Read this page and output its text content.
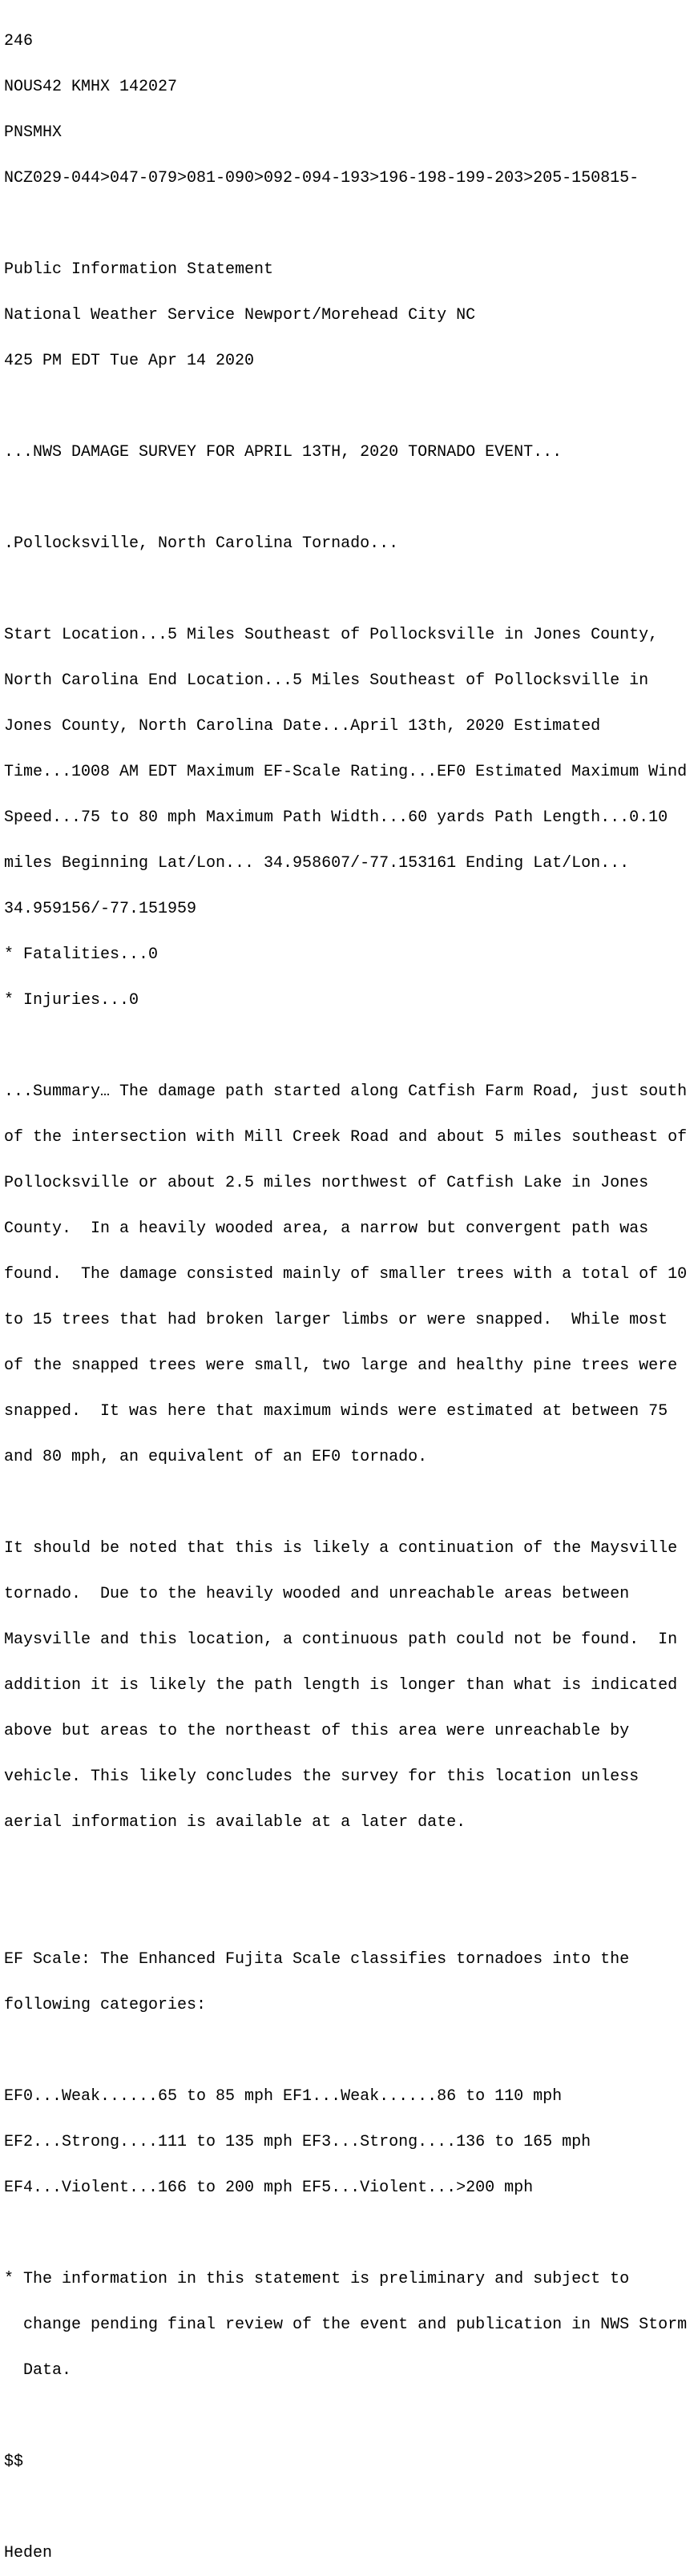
246

NOUS42 KMHX 142027

PNSMHX

NCZ029-044>047-079>081-090>092-094-193>196-198-199-203>205-150815-

Public Information Statement

National Weather Service Newport/Morehead City NC

425 PM EDT Tue Apr 14 2020

...NWS DAMAGE SURVEY FOR APRIL 13TH, 2020 TORNADO EVENT...

.Pollocksville, North Carolina Tornado...

Start Location...5 Miles Southeast of Pollocksville in Jones County,

North Carolina End Location...5 Miles Southeast of Pollocksville in

Jones County, North Carolina Date...April 13th, 2020 Estimated

Time...1008 AM EDT Maximum EF-Scale Rating...EF0 Estimated Maximum Wind

Speed...75 to 80 mph Maximum Path Width...60 yards Path Length...0.10

miles Beginning Lat/Lon... 34.958607/-77.153161 Ending Lat/Lon...

34.959156/-77.151959

* Fatalities...0

* Injuries...0

...Summary… The damage path started along Catfish Farm Road, just south

of the intersection with Mill Creek Road and about 5 miles southeast of

Pollocksville or about 2.5 miles northwest of Catfish Lake in Jones

County.  In a heavily wooded area, a narrow but convergent path was

found.  The damage consisted mainly of smaller trees with a total of 10

to 15 trees that had broken larger limbs or were snapped.  While most

of the snapped trees were small, two large and healthy pine trees were

snapped.  It was here that maximum winds were estimated at between 75

and 80 mph, an equivalent of an EF0 tornado.

It should be noted that this is likely a continuation of the Maysville

tornado.  Due to the heavily wooded and unreachable areas between

Maysville and this location, a continuous path could not be found.  In

addition it is likely the path length is longer than what is indicated

above but areas to the northeast of this area were unreachable by

vehicle. This likely concludes the survey for this location unless

aerial information is available at a later date.

EF Scale: The Enhanced Fujita Scale classifies tornadoes into the

following categories:

EF0...Weak......65 to 85 mph EF1...Weak......86 to 110 mph

EF2...Strong....111 to 135 mph EF3...Strong....136 to 165 mph

EF4...Violent...166 to 200 mph EF5...Violent...>200 mph

* The information in this statement is preliminary and subject to

change pending final review of the event and publication in NWS Storm

Data.

$$

Heden
